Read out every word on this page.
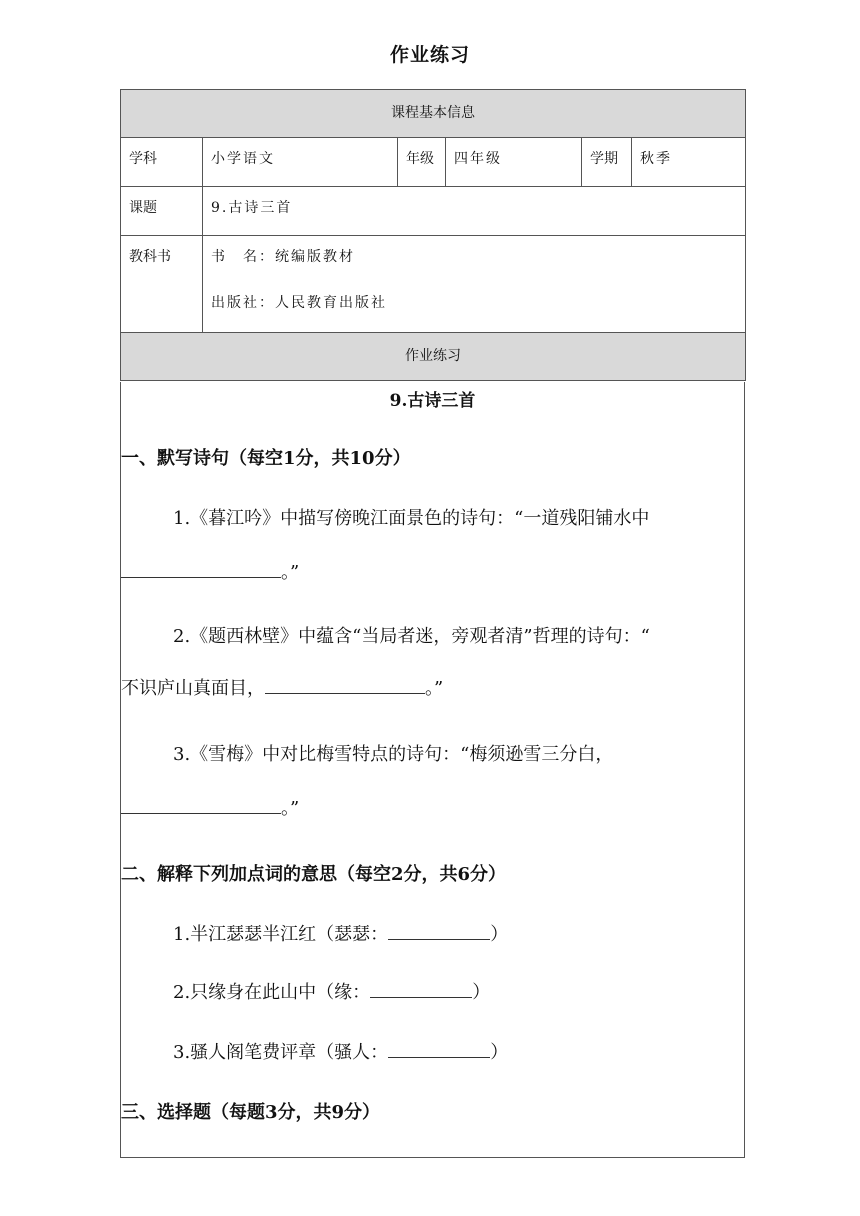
作业练习
课程基本信息					
学科	小学语文	年级	四年级	学期	秋季
课题	9.古诗三首				
教科书	书　名：统编版教材
出版社：人民教育出版社				

作业练习					
9.古诗三首
一、默写诗句（每空1分，共10分）
1.《暮江吟》中描写傍晚江面景色的诗句：“一道残阳铺水中
。”
2.《题西林壁》中蕴含“当局者迷，旁观者清”哲理的诗句：“
不识庐山真面目，	。”
3.《雪梅》中对比梅雪特点的诗句：“梅须逊雪三分白，
。”
二、解释下列加点词的意思（每空2分，共6分）
1.半江瑟瑟半江红（瑟瑟：	）
2.只缘身在此山中（缘：	）
3.骚人阁笔费评章（骚人：	）
三、选择题（每题3分，共9分）
